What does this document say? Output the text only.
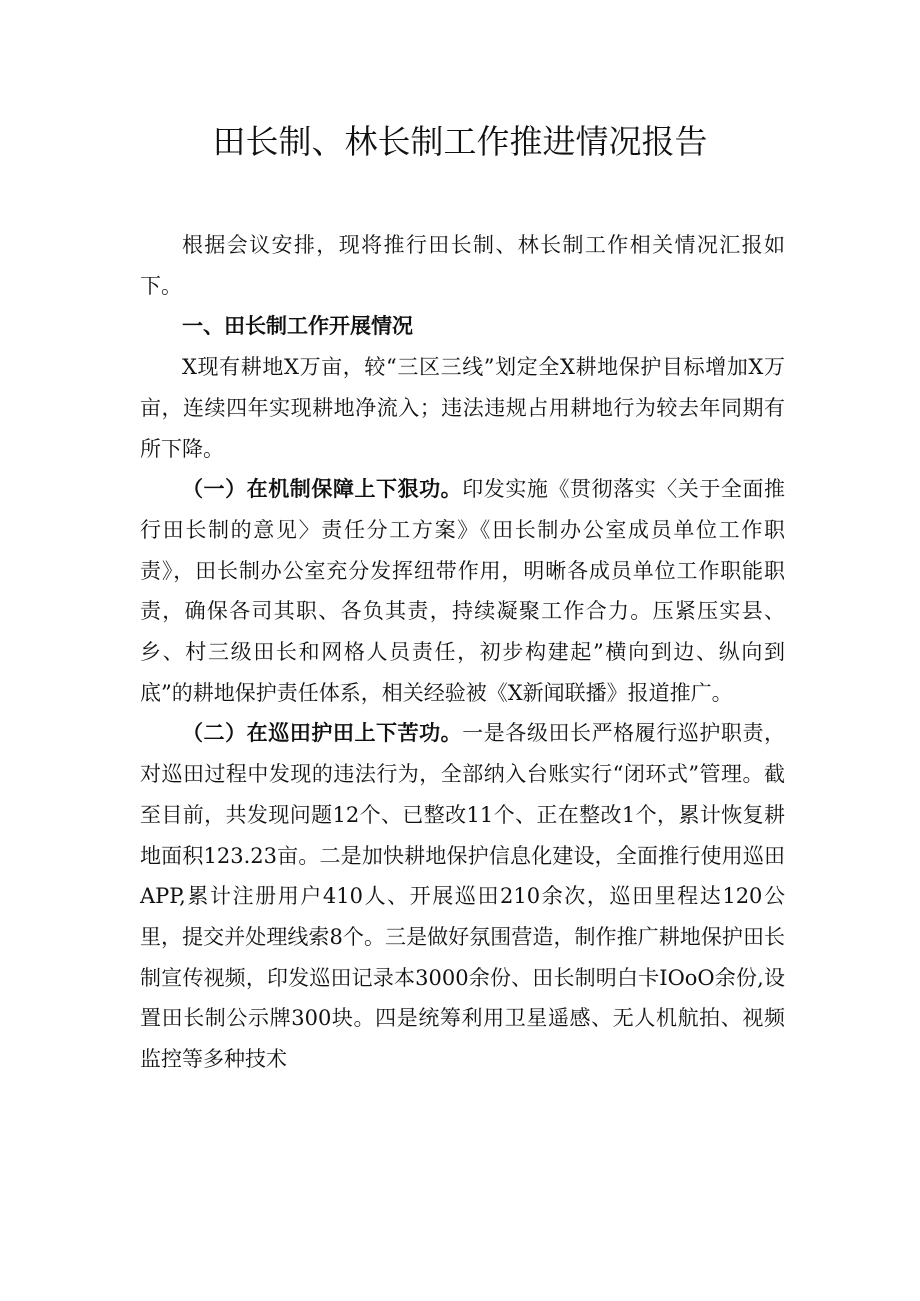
田长制、林长制工作推进情况报告

根据会议安排，现将推行田长制、林长制工作相关情况汇报如下。

一、田长制工作开展情况

X现有耕地X万亩，较“三区三线”划定全X耕地保护目标增加X万亩，连续四年实现耕地净流入；违法违规占用耕地行为较去年同期有所下降。

（一）在机制保障上下狠功。印发实施《贯彻落实〈关于全面推行田长制的意见〉责任分工方案》《田长制办公室成员单位工作职责》，田长制办公室充分发挥纽带作用，明晰各成员单位工作职能职责，确保各司其职、各负其责，持续凝聚工作合力。压紧压实县、乡、村三级田长和网格人员责任，初步构建起”横向到边、纵向到底”的耕地保护责任体系，相关经验被《X新闻联播》报道推广。

（二）在巡田护田上下苦功。一是各级田长严格履行巡护职责，对巡田过程中发现的违法行为，全部纳入台账实行“闭环式”管理。截至目前，共发现问题12个、已整改11个、正在整改1个，累计恢复耕地面积123.23亩。二是加快耕地保护信息化建设，全面推行使用巡田APP,累计注册用户410人、开展巡田210余次，巡田里程达120公里，提交并处理线索8个。三是做好氛围营造，制作推广耕地保护田长制宣传视频，印发巡田记录本3000余份、田长制明白卡IOoO余份,设置田长制公示牌300块。四是统筹利用卫星遥感、无人机航拍、视频监控等多种技术
